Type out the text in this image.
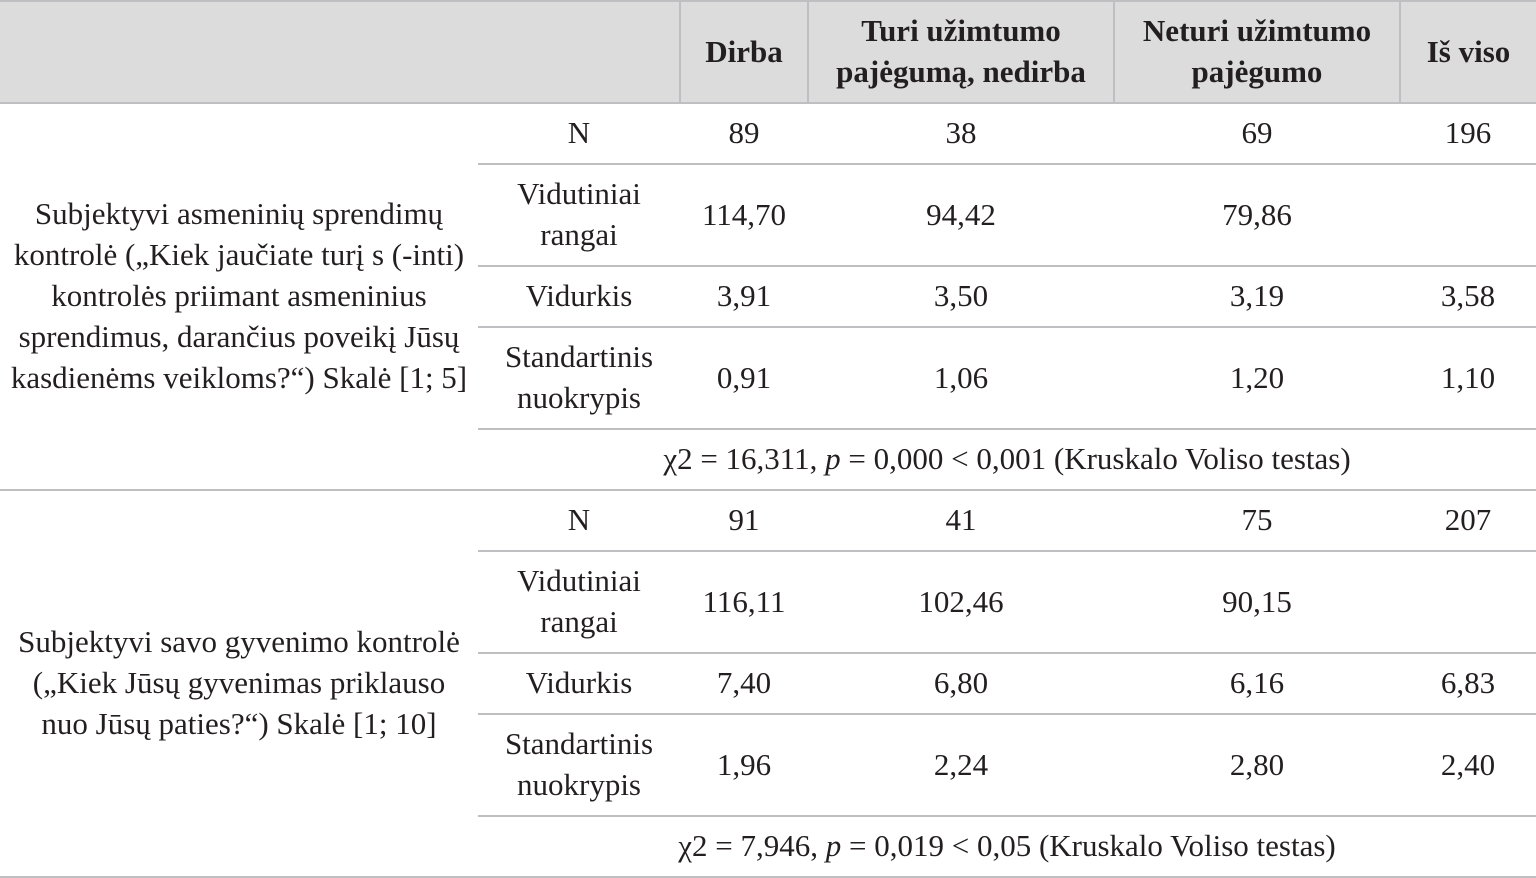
		Dirba	Turi užimtumo pajėgumą, nedirba	Neturi užimtumo pajėgumo	Iš viso
Subjektyvi asmeninių sprendimų kontrolė („Kiek jaučiate turį s (-inti) kontrolės priimant asmeninius sprendimus, darančius poveikį Jūsų kasdienėms veikloms?“) Skalė [1; 5]	N	89	38	69	196
	Vidutiniai rangai	114,70	94,42	79,86	
	Vidurkis	3,91	3,50	3,19	3,58
	Standartinis nuokrypis	0,91	1,06	1,20	1,10
	χ2 = 16,311, p = 0,000 < 0,001 (Kruskalo Voliso testas)				
Subjektyvi savo gyvenimo kontrolė („Kiek Jūsų gyvenimas priklauso nuo Jūsų paties?“) Skalė [1; 10]	N	91	41	75	207
	Vidutiniai rangai	116,11	102,46	90,15	
	Vidurkis	7,40	6,80	6,16	6,83
	Standartinis nuokrypis	1,96	2,24	2,80	2,40
	χ2 = 7,946, p = 0,019 < 0,05 (Kruskalo Voliso testas)				
